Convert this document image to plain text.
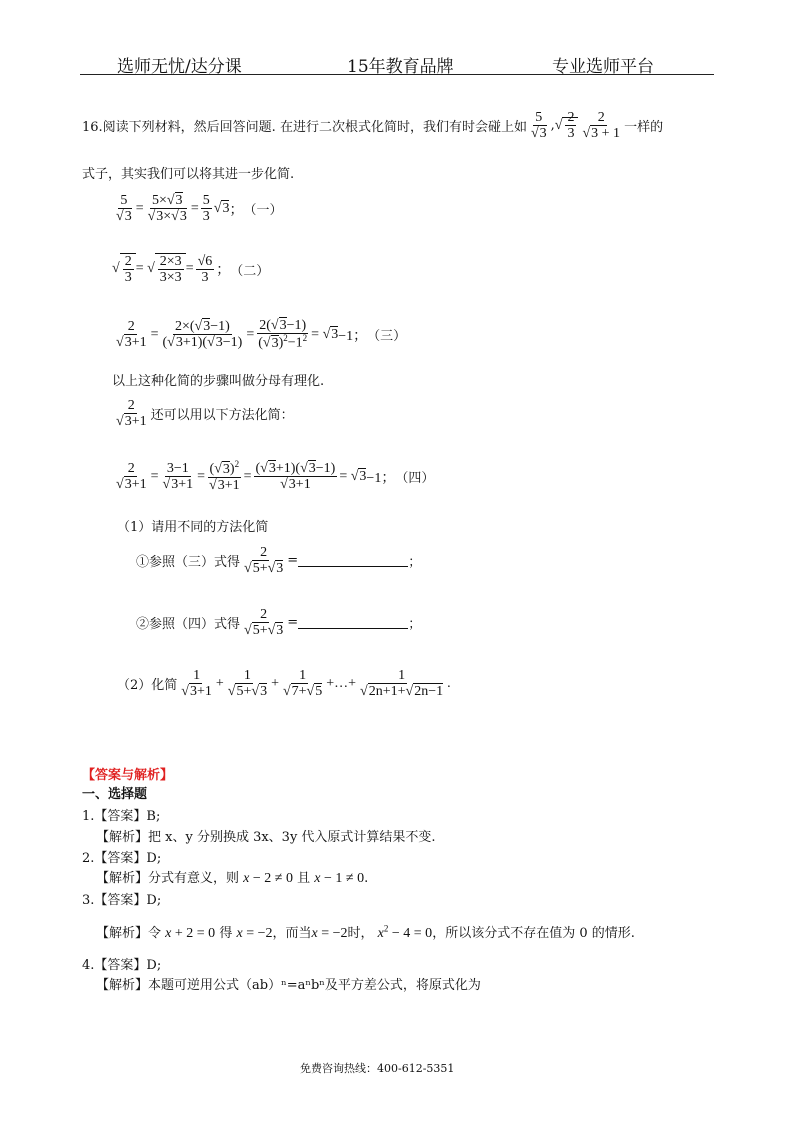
选师无忧/达分课	15年教育品牌	专业选师平台
16.阅读下列材料，然后回答问题. 在进行二次根式化简时，我们有时会碰上如 $\frac{5}{√3}$ , √ $\frac{2}{3} \frac{2}{√3 + 1}$ 一样的
式子，其实我们可以将其进一步化简.
$\frac{5}{√3} = \frac{5\times√3}{√3\times√3} = \frac{5}{3}$ √ 3 ； （一）
√ $\frac{2}{3}$ = √ $\frac{2\times 3}{3\times 3} = \frac{√6}{3}$ ； （二）
$\frac{2}{√3+1} = \frac{2\times(√3-1)}{(√3+1)(√3-1)} = \frac{2(√3-1)}{(√3)^2-1^2}$ = √ 3 −1； （三）
以上这种化简的步骤叫做分母有理化.
$\frac{2}{√3+1}$ 还可以用以下方法化简：
$\frac{2}{√3+1} = \frac{3-1}{√3+1} = \frac{(√3)^2}{√3+1} = \frac{(√3+1)(√3-1)}{√3+1}$ = √ 3 −1； （四）
（1）请用不同的方法化简
①参照（三）式得 $\frac{2}{√5+√3}$ =	；
②参照（四）式得 $\frac{2}{√5+√3}$ =	；
（2）化简 $\frac{1}{√3+1} + \frac{1}{√5+√3} + \frac{1}{√7+√5}$ +…+ $\frac{1}{√2n+1+√2n-1}$ .
【答案与解析】
一、选择题
1.【答案】B;
【解析】把 x、y 分别换成 3x、3y 代入原式计算结果不变.
2.【答案】D;
【解析】分式有意义，则 x − 2 ≠ 0 且 x − 1 ≠ 0.
3.【答案】D;
【解析】令 x + 2 = 0 得 x = −2，而当x = −2时， $x^2 - 4 = 0$，所以该分式不存在值为 0 的情形.
4.【答案】D;
【解析】本题可逆用公式（ab）ⁿ=aⁿbⁿ及平方差公式，将原式化为
免费咨询热线：400-612-5351
